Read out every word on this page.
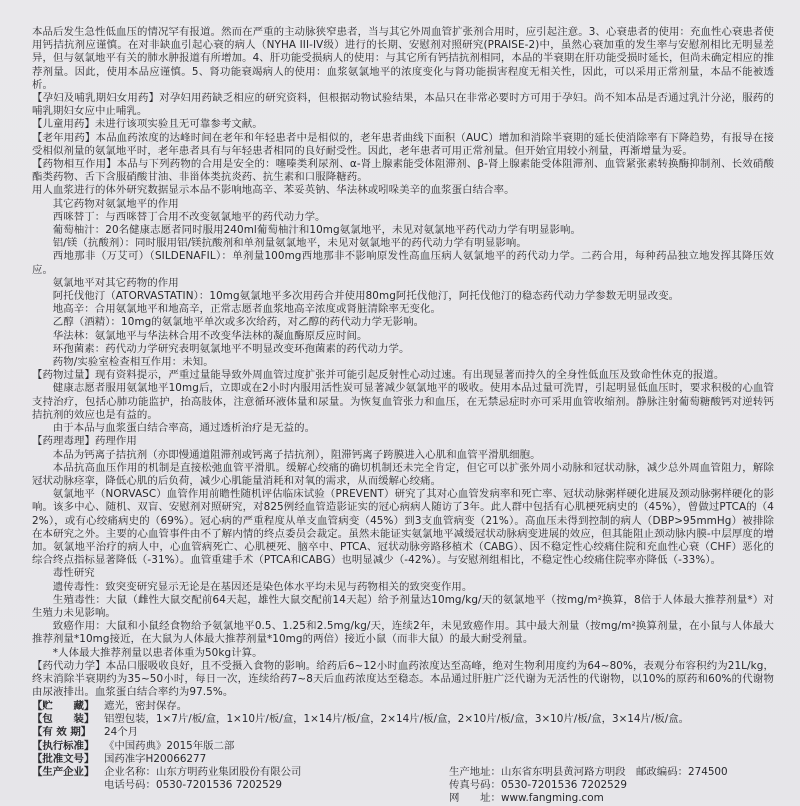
本品后发生急性低血压的情况罕有报道。然而在严重的主动脉狭窄患者，当与其它外周血管扩张剂合用时，应引起注意。3、心衰患者的使用：充血性心衰患者使用钙拮抗剂应谨慎。在对非缺血引起心衰的病人（NYHA III-IV级）进行的长期、安慰剂对照研究(PRAISE-2)中，虽然心衰加重的发生率与安慰剂相比无明显差异，但与氨氯地平有关的肺水肿报道有所增加。4、肝功能受损病人的使用：与其它所有钙拮抗剂相同，本品的半衰期在肝功能受损时延长，但尚未确定相应的推荐剂量。因此，使用本品应谨慎。5、肾功能衰竭病人的使用：血浆氨氯地平的浓度变化与肾功能损害程度无相关性，因此，可以采用正常剂量，本品不能被透析。

【孕妇及哺乳期妇女用药】对孕妇用药缺乏相应的研究资料，但根据动物试验结果，本品只在非常必要时方可用于孕妇。尚不知本品是否通过乳汁分泌，服药的哺乳期妇女应中止哺乳。

【儿童用药】未进行该项实验且无可靠参考文献。

【老年用药】本品血药浓度的达峰时间在老年和年轻患者中是相似的，老年患者曲线下面积（AUC）增加和消除半衰期的延长使消除率有下降趋势，有报导在接受相似剂量的氨氯地平时，老年患者具有与年轻患者相同的良好耐受性。因此，老年患者可用正常剂量。但开始宜用较小剂量，再渐增量为妥。

【药物相互作用】本品与下列药物的合用是安全的：噻嗪类利尿剂、α-肾上腺素能受体阻滞剂、β-肾上腺素能受体阻滞剂、血管紧张素转换酶抑制剂、长效硝酸酯类药物、舌下含服硝酸甘油、非甾体类抗炎药、抗生素和口服降糖药。

用人血浆进行的体外研究数据显示本品不影响地高辛、苯妥英钠、华法林或吲哚美辛的血浆蛋白结合率。

其它药物对氨氯地平的作用

西咪替丁：与西咪替丁合用不改变氨氯地平的药代动力学。

葡萄柚汁：20名健康志愿者同时服用240ml葡萄柚汁和10mg氨氯地平，未见对氨氯地平药代动力学有明显影响。

铝/镁（抗酸剂）：同时服用铝/镁抗酸剂和单剂量氨氯地平，未见对氨氯地平的药代动力学有明显影响。

西地那非（万艾可）（SILDENAFIL）：单剂量100mg西地那非不影响原发性高血压病人氨氯地平的药代动力学。二药合用，每种药品独立地发挥其降压效应。

氨氯地平对其它药物的作用

阿托伐他汀（ATORVASTATIN）：10mg氨氯地平多次用药合并使用80mg阿托伐他汀，阿托伐他汀的稳态药代动力学参数无明显改变。

地高辛：合用氨氯地平和地高辛，正常志愿者血浆地高辛浓度或肾脏清除率无变化。

乙醇（酒精）：10mg的氨氯地平单次或多次给药，对乙醇的药代动力学无影响。

华法林：氨氯地平与华法林合用不改变华法林的凝血酶原反应时间。

环孢菌素：药代动力学研究表明氨氯地平不明显改变环孢菌素的药代动力学。

药物/实验室检查相互作用：未知。

【药物过量】现有资料提示，严重过量能导致外周血管过度扩张并可能引起反射性心动过速。有出现显著而持久的全身性低血压及致命性休克的报道。

健康志愿者服用氨氯地平10mg后，立即或在2小时内服用活性炭可显著减少氨氯地平的吸收。使用本品过量可洗胃，引起明显低血压时，要求积极的心血管支持治疗，包括心肺功能监护，抬高肢体，注意循环液体量和尿量。为恢复血管张力和血压，在无禁忌症时亦可采用血管收缩剂。静脉注射葡萄糖酸钙对逆转钙拮抗剂的效应也是有益的。

由于本品与血浆蛋白结合率高，通过透析治疗是无益的。

【药理毒理】药理作用

本品为钙离子拮抗剂（亦即慢通道阻滞剂或钙离子拮抗剂），阻滞钙离子跨膜进入心肌和血管平滑肌细胞。

本品抗高血压作用的机制是直接松弛血管平滑肌。缓解心绞痛的确切机制还未完全肯定，但它可以扩张外周小动脉和冠状动脉，减少总外周血管阻力，解除冠状动脉痉挛，降低心肌的后负荷，减少心肌能量消耗和对氧的需求，从而缓解心绞痛。

氨氯地平（NORVASC）血管作用前瞻性随机评估临床试验（PREVENT）研究了其对心血管发病率和死亡率、冠状动脉粥样硬化进展及颈动脉粥样硬化的影响。该多中心、随机、双盲、安慰剂对照研究，对825例经血管造影证实的冠心病病人随访了3年。此人群中包括有心肌梗死病史的（45%），曾做过PTCA的（42%），或有心绞痛病史的（69%）。冠心病的严重程度从单支血管病变（45%）到3支血管病变（21%）。高血压未得到控制的病人（DBP>95mmHg）被排除在本研究之外。主要的心血管事件由不了解内情的终点委员会裁定。虽然未能证实氨氯地平减缓冠状动脉病变进展的效应，但其能阻止颈动脉内膜-中层厚度的增加。氨氯地平治疗的病人中，心血管病死亡、心肌梗死、脑卒中、PTCA、冠状动脉旁路移植术（CABG）、因不稳定性心绞痛住院和充血性心衰（CHF）恶化的综合终点指标显著降低（-31%）。血管重建手术（PTCA和CABG）也明显减少（-42%）。与安慰剂组相比，不稳定性心绞痛住院率亦降低（-33%）。

毒性研究

遗传毒性：致突变研究显示无论是在基因还是染色体水平均未见与药物相关的致突变作用。

生殖毒性：大鼠（雌性大鼠交配前64天起，雄性大鼠交配前14天起）给予剂量达10mg/kg/天的氨氯地平（按mg/m²换算，8倍于人体最大推荐剂量*）对生殖力未见影响。

致癌作用：大鼠和小鼠经食物给予氨氯地平0.5、1.25和2.5mg/kg/天，连续2年，未见致癌作用。其中最大剂量（按mg/m²换算剂量，在小鼠与人体最大推荐剂量*10mg接近，在大鼠为人体最大推荐剂量*10mg的两倍）接近小鼠（而非大鼠）的最大耐受剂量。

*人体最大推荐剂量以患者体重为50kg计算。

【药代动力学】本品口服吸收良好，且不受摄入食物的影响。给药后6~12小时血药浓度达至高峰，绝对生物利用度约为64~80%，表观分布容积约为21L/kg，终末消除半衰期约为35~50小时，每日一次，连续给药7~8天后血药浓度达至稳态。本品通过肝脏广泛代谢为无活性的代谢物，以10%的原药和60%的代谢物由尿液排出。血浆蛋白结合率约为97.5%。

【贮　　藏】 遮光，密封保存。
【包　　装】 铝塑包装，1×7片/板/盒，1×10片/板/盒，1×14片/板/盒，2×14片/板/盒，2×10片/板/盒，3×10片/板/盒，3×14片/板/盒。
【有 效 期】	24个月
【执行标准】 《中国药典》2015年版二部
【批准文号】 国药准字H20066277
【生产企业】 企业名称：山东方明药业集团股份有限公司	生产地址：山东省东明县黄河路方明段　 邮政编码：274500
电话号码：0530-7201536 7202529	传真号码：0530-7201536 7202529
网　　址：www.fangming.com
